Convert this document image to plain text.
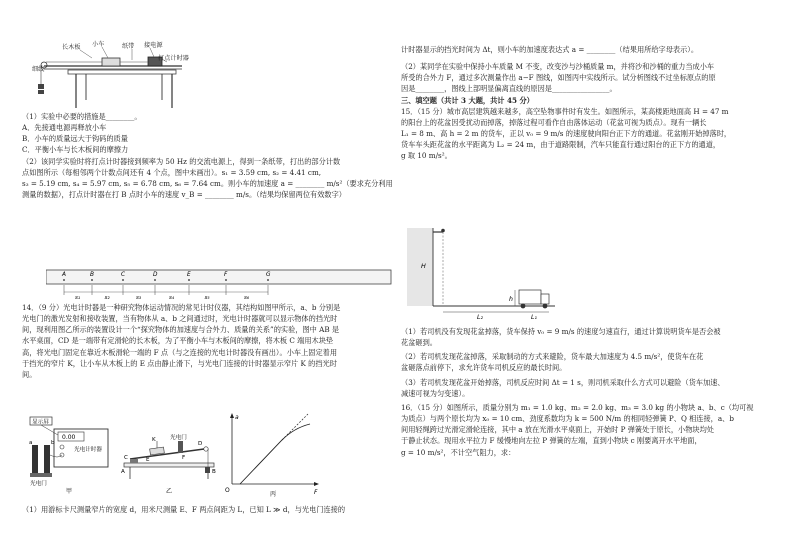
长木板 小车	纸带 接电源
打点计时器
细线

（1）实验中必要的措施是________。

A．先接通电源再释放小车

B．小车的质量远大于钩码的质量

C．平衡小车与长木板间的摩擦力

（2）该同学实验时将打点计时器接到频率为 50 Hz 的交流电源上，得到一条纸带，打出的部分计数

点如图所示（每相邻两个计数点间还有 4 个点，图中未画出）。s₁ = 3.59 cm, s₂ = 4.41 cm,

s₃ = 5.19 cm, s₄ = 5.97 cm, s₅ = 6.78 cm, s₆ = 7.64 cm。则小车的加速度 a = ________ m/s²（要求充分利用

测量的数据），打点计时器在打 B 点时小车的速度 v_B = ________ m/s。（结果均保留两位有效数字）

A	B	C	D	E	F	G
s₁	s₂	s₃	s₄	s₅	s₆

14．（9 分）光电计时器是一种研究物体运动情况的常见计时仪器，其结构如图甲所示，a、b 分别是

光电门的激光发射和接收装置，当有物体从 a、b 之间通过时，光电计时器就可以显示物体的挡光时

间，现利用图乙所示的装置设计一个“探究物体的加速度与合外力、质量的关系”的实验，图中 AB 是

水平桌面，CD 是一端带有定滑轮的长木板，为了平衡小车与木板间的摩擦，将木板 C 端用木块垫

高，将光电门固定在靠近木板滑轮一端的 F 点（与之连接的光电计时器没有画出）。小车上固定着用

于挡光的窄片 K，让小车从木板上的 E 点由静止滑下，与光电门连接的计时器显示窄片 K 的挡光时

间。

显示屏
0.00
光电计时器
a	b
光电门
甲
光电门
A	B
C
D
E	F
K
乙
a
F
O
丙

（1）用游标卡尺测量窄片的宽度 d，用米尺测量 E、F 两点间距为 L，已知 L ≫ d，与光电门连接的

计时器显示的挡光时间为 Δt，则小车的加速度表达式 a = ________（结果用所给字母表示）。

（2）某同学在实验中保持小车质量 M 不变，改变沙与沙桶质量 m，并将沙和沙桶的重力当成小车

所受的合外力 F，通过多次测量作出 a−F 图线，如图丙中实线所示。试分析图线不过坐标原点的原

因是________，图线上部明显偏离直线的原因是________________。

三、填空题（共计 3 大题，共计 45 分）

15．（15 分）城市高层建筑越来越多，高空坠物事件时有发生。如图所示，某高楼距地面高 H = 47 m

的阳台上的花盆因受扰动而掉落，掉落过程可看作自由落体运动（花盆可视为质点）。现有一辆长

L₁ = 8 m、高 h = 2 m 的货车，正以 v₀ = 9 m/s 的速度驶向阳台正下方的通道。花盆刚开始掉落时，

货车车头距花盆的水平距离为 L₂ = 24 m，由于道路限制，汽车只能直行通过阳台的正下方的通道，

g 取 10 m/s²。

H
h
L₂	L₁

（1）若司机没有发现花盆掉落，货车保持 v₀ = 9 m/s 的速度匀速直行，通过计算说明货车是否会被

花盆砸到。

（2）若司机发现花盆掉落，采取制动的方式来避险，货车最大加速度为 4.5 m/s²，使货车在花

盆砸落点前停下，求允许货车司机反应的最长时间。

（3）若司机发现花盆开始掉落，司机反应时间 Δt = 1 s，则司机采取什么方式可以避险（货车加速、

减速可视为匀变速）。

16．（15 分）如图所示，质量分别为 m₁ = 1.0 kg、m₂ = 2.0 kg、m₃ = 3.0 kg 的小物块 a、b、c（均可视

为质点）与两个原长均为 x₀ = 10 cm、劲度系数均为 k = 500 N/m 的相同轻弹簧 P、Q 相连接，a、b

间用轻绳跨过光滑定滑轮连接，其中 a 放在光滑水平桌面上，开始时 P 弹簧处于原长，小物块均处

于静止状态。现用水平拉力 F 缓慢地向左拉 P 弹簧的左端，直到小物块 c 刚要离开水平地面，

g = 10 m/s²，不计空气阻力，求：
